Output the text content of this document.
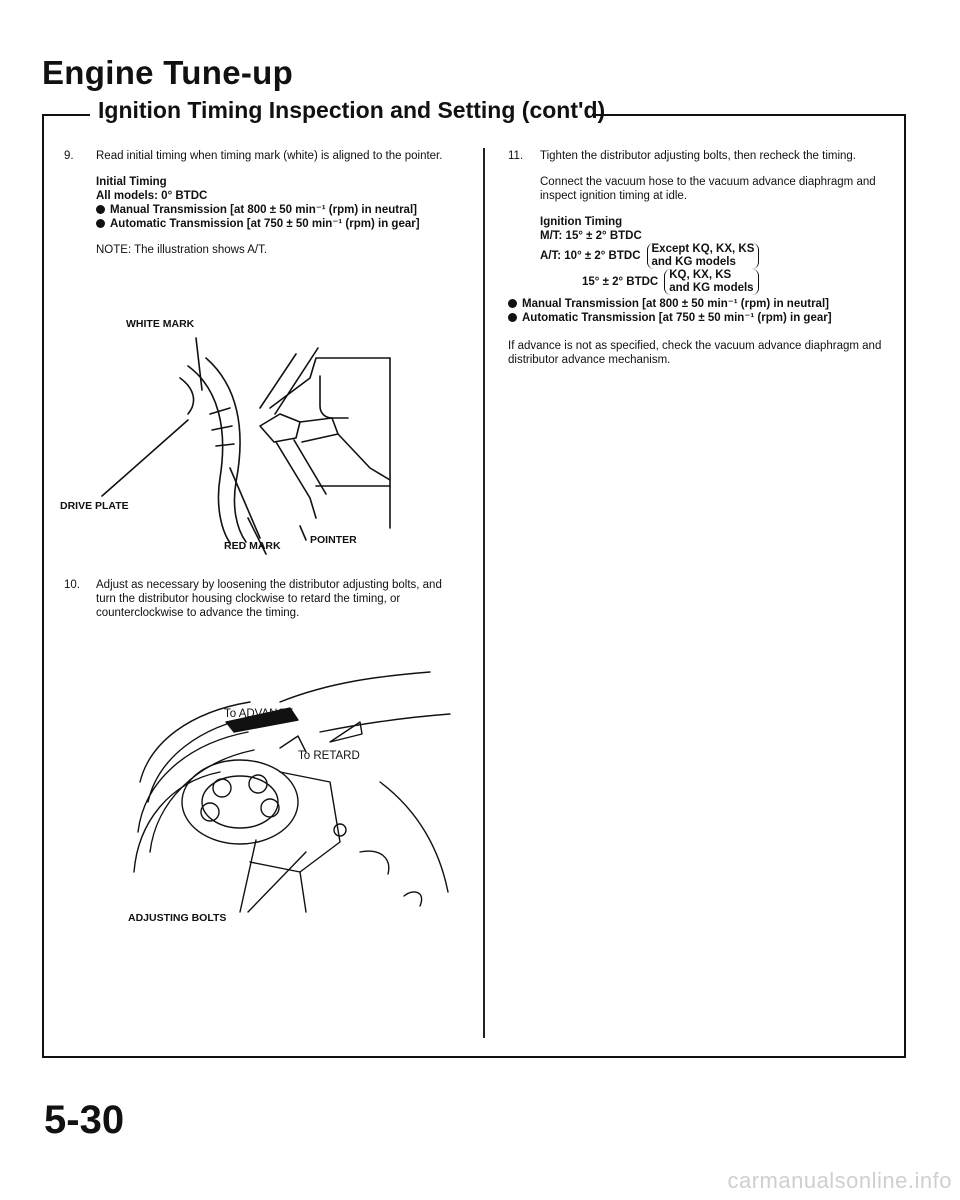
Engine Tune-up
Ignition Timing Inspection and Setting (cont'd)
9. Read initial timing when timing mark (white) is aligned to the pointer.

Initial Timing

All models: 0° BTDC

Manual Transmission [at 800 ± 50 min⁻¹ (rpm) in neutral]

Automatic Transmission [at 750 ± 50 min⁻¹ (rpm) in gear]

NOTE: The illustration shows A/T.

WHITE MARK
DRIVE PLATE
RED MARK	POINTER
10. Adjust as necessary by loosening the distributor adjusting bolts, and turn the distributor housing clockwise to retard the timing, or counterclockwise to advance the timing.

To ADVANCE
To RETARD
ADJUSTING BOLTS
11. Tighten the distributor adjusting bolts, then recheck the timing.

Connect the vacuum hose to the vacuum advance diaphragm and inspect ignition timing at idle.

Ignition Timing

M/T: 15° ± 2° BTDC

A/T: 10° ± 2° BTDC
Except KQ, KX, KS
and KG models
15° ± 2° BTDC
KQ, KX, KS
and KG models

Manual Transmission [at 800 ± 50 min⁻¹ (rpm) in neutral]

Automatic Transmission [at 750 ± 50 min⁻¹ (rpm) in gear]

If advance is not as specified, check the vacuum advance diaphragm and distributor advance mechanism.

5-30
carmanualsonline.info
